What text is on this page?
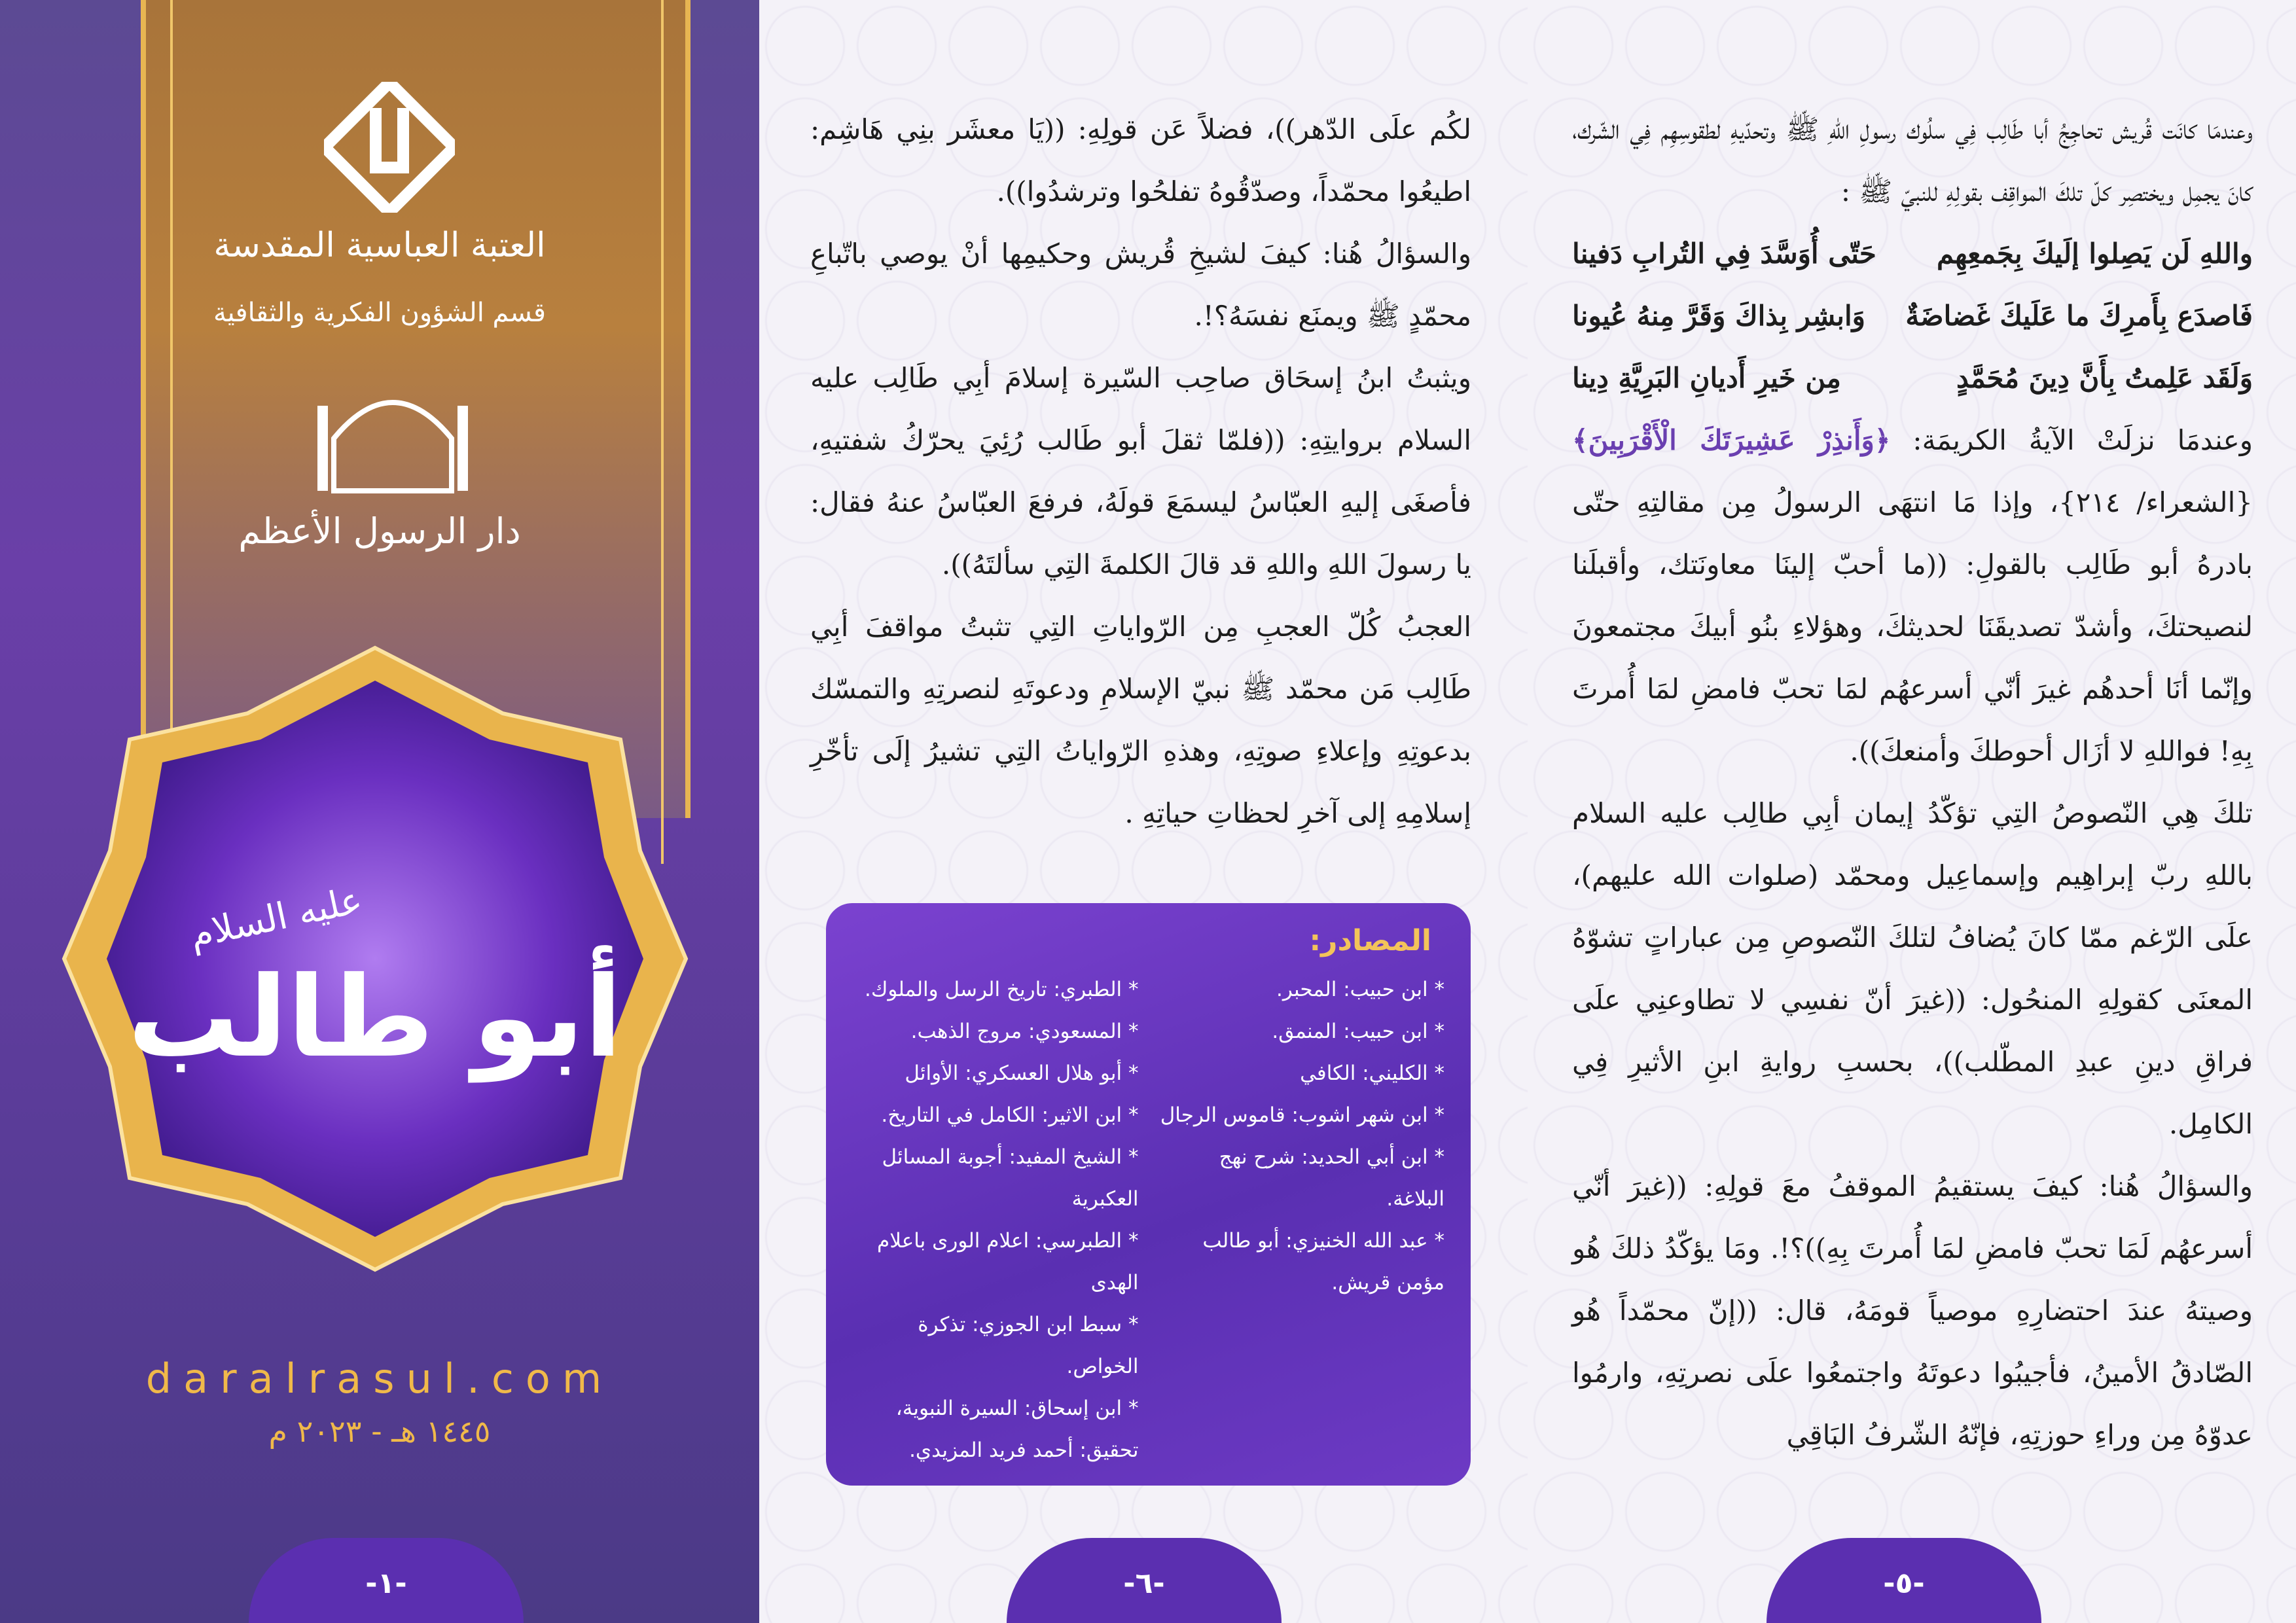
العتبة العباسية المقدسة
قسم الشؤون الفكرية والثقافية
دار الرسول الأعظم
عليه السلام
أبو طالب
daralrasul.com
١٤٤٥ هـ - ٢٠٢٣ م
-١-

لكُم علَى الدّهر))، فضلاً عَن قولِهِ: ((يَا معشَر بنِي هَاشِم: اطيعُوا محمّداً، وصدّقُوهُ تفلحُوا وترشدُوا)).

والسؤالُ هُنا: كيفَ لشيخِ قُريش وحكيمِها أنْ يوصي باتّباعِ محمّدٍ ﷺ ويمنَع نفسَهُ؟!.

ويثبتُ ابنُ إسحَاق صاحِب السّيرة إسلامَ أبِي طَالِب عليه السلام بروايتِهِ: ((فلمّا ثقلَ أبو طَالب رُئِيَ يحرّكُ شفتيهِ، فأصغَى إليهِ العبّاسُ ليسمَعَ قولَهُ، فرفعَ العبّاسُ عنهُ فقال: يا رسولَ اللهِ واللهِ قد قالَ الكلمةَ التِي سألتَهُ)).

العجبُ كُلّ العجبِ مِن الرّواياتِ التِي تثبتُ مواقفَ أبِي طَالِب مَن محمّد ﷺ نبيّ الإسلامِ ودعوتَهِ لنصرتِهِ والتمسّك بدعوتِهِ وإعلاءِ صوتِهِ، وهذهِ الرّواياتُ التِي تشيرُ إلَى تأخّرِ إسلامِهِ إلى آخرِ لحظاتِ حياتِهِ .

المصادر:
* ابن حبيب: المحبر.
* ابن حبيب: المنمق.
* الكليني: الكافي
* ابن شهر اشوب: قاموس الرجال
* ابن أبي الحديد: شرح نهج البلاغة.
* عبد الله الخنيزي: أبو طالب مؤمن قريش.
* الطبري: تاريخ الرسل والملوك.
* المسعودي: مروج الذهب.
* أبو هلال العسكري: الأوائل
* ابن الاثير: الكامل في التاريخ.
* الشيخ المفيد: أجوبة المسائل العكبرية
* الطبرسي: اعلام الورى باعلام الهدى
* سبط ابن الجوزي: تذكرة الخواص.
* ابن إسحاق: السيرة النبوية، تحقيق: أحمد فريد المزيدي.
-٦-

وعندمَا كانَت قُريش تحاجِجُ أبا طَالِب فِي سلُوك رسولِ اللهِ ﷺ وتحدّيهِ لطقوسِهِم فِي الشّرك، كانَ يجمِل ويختصِر كلّ تلكَ المواقِف بقولِهِ للنبيّ ﷺ :

واللهِ لَن يَصِلوا إلَيكَ بِجَمعِهِم
حَتّى أُوَسَّدَ فِي التُرابِ دَفينا
فَاصدَع بِأَمرِكَ ما عَلَيكَ غَضاضَةٌ
وَابشِر بِذاكَ وَقَرَّ مِنهُ عُيونا
وَلَقَد عَلِمتُ بِأَنَّ دِينَ مُحَمَّدٍ
مِن خَيرِ أَديانِ البَرِيَّةِ دِينا

وعندمَا نزلَتْ الآيةُ الكريمَة: ﴿وَأَنذِرْ عَشِيرَتَكَ الْأَقْرَبِينَ﴾ {الشعراء/ ٢١٤}، وإذا مَا انتهَى الرسولُ مِن مقالتِهِ حتّى بادرهُ أبو طَالِب بالقولِ: ((ما أحبّ إلينَا معاونَتك، وأقبلَنا لنصيحتكَ، وأشدّ تصديقَنَا لحديثكَ، وهؤلاءِ بنُو أبيكَ مجتمعونَ وإنّما أنَا أحدهُم غيرَ أنّي أسرعهُم لمَا تحبّ فامضِ لمَا أُمرتَ بِهِ! فواللهِ لا أزَال أحوطكَ وأمنعكَ)).

تلكَ هِي النّصوصُ التِي تؤكّدُ إيمان أبِي طالِب عليه السلام باللهِ ربّ إبراهِيم وإسماعِيل ومحمّد (صلوات الله عليهم)، علَى الرّغم ممّا كانَ يُضافُ لتلكَ النّصوصِ مِن عباراتٍ تشوّهُ المعنَى كقولِهِ المنحُول: ((غيرَ أنّ نفسِي لا تطاوعنِي علَى فراقِ دينِ عبدِ المطّلب))، بحسبِ روايةِ ابنِ الأثيرِ فِي الكامِل.

والسؤالُ هُنا: كيفَ يستقيمُ الموقفُ معَ قولِهِ: ((غيرَ أنّي أسرعهُم لَمَا تحبّ فامضِ لمَا أُمرتَ بِهِ))؟!. ومَا يؤكّدُ ذلكَ هُو وصيتهُ عندَ احتضارِهِ موصياً قومَهُ، قال: ((إنّ محمّداً هُو الصّادقُ الأمينُ، فأجيبُوا دعوتَهُ واجتمعُوا علَى نصرتِهِ، وارمُوا عدوّهُ مِن وراءِ حوزتِهِ، فإنّهُ الشّرفُ البَاقِي

-٥-
